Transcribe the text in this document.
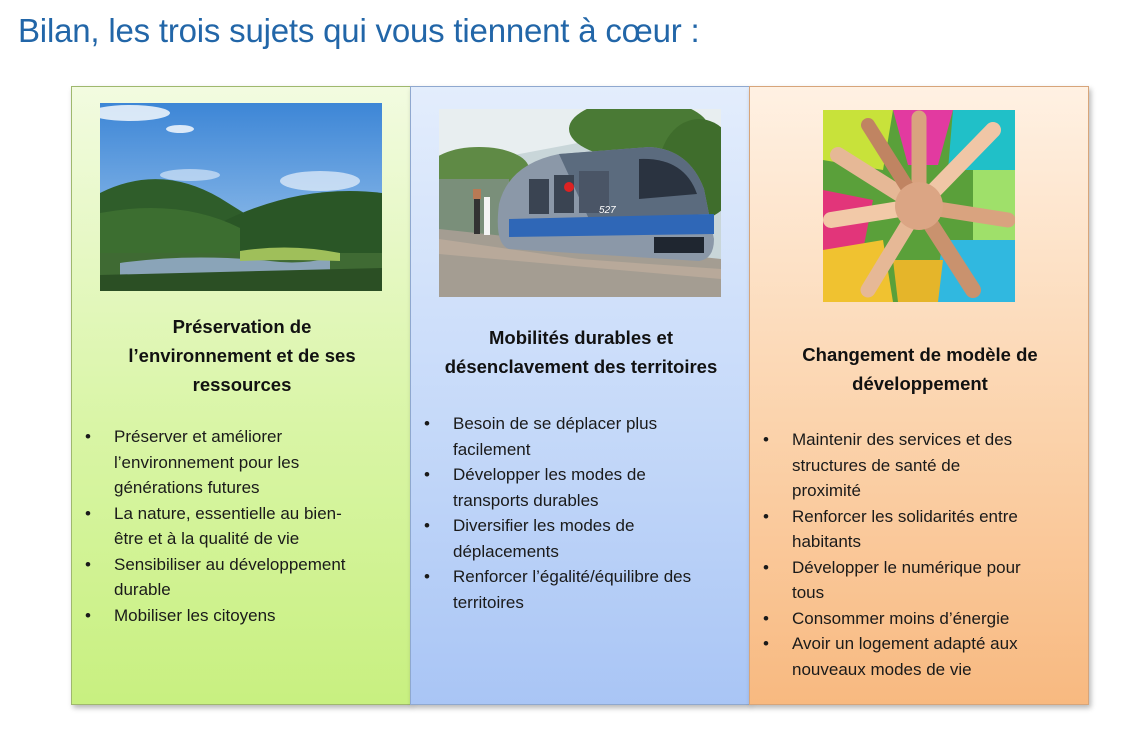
Bilan, les trois sujets qui vous tiennent à cœur :
Préservation de
l’environnement et de ses
ressources
• Préserver et améliorer
l’environnement pour les
générations futures
• La nature, essentielle au bien-
être et à la qualité de vie
• Sensibiliser au développement
durable
• Mobiliser les citoyens
527
Mobilités durables et
désenclavement des territoires
• Besoin de se déplacer plus
facilement
• Développer les modes de
transports durables
• Diversifier les modes de
déplacements
• Renforcer l’égalité/équilibre des
territoires
Changement de modèle de
développement
• Maintenir des services et des
structures de santé de
proximité
• Renforcer les solidarités entre
habitants
• Développer le numérique pour
tous
• Consommer moins d’énergie
• Avoir un logement adapté aux
nouveaux modes de vie
